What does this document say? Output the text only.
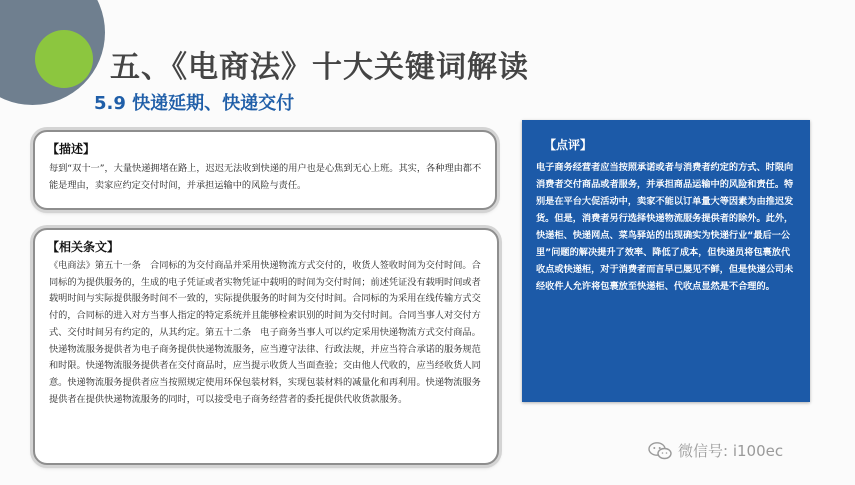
五、《电商法》十大关键词解读
5.9 快递延期、快递交付
【描述】
每到“双十一”，大量快递拥堵在路上，迟迟无法收到快递的用户也是心焦到无心上班。其实，各种理由都不能是理由，卖家应约定交付时间，并承担运输中的风险与责任。
【相关条文】
《电商法》第五十一条　合同标的为交付商品并采用快递物流方式交付的，收货人签收时间为交付时间。合同标的为提供服务的，生成的电子凭证或者实物凭证中载明的时间为交付时间；前述凭证没有载明时间或者载明时间与实际提供服务时间不一致的，实际提供服务的时间为交付时间。合同标的为采用在线传输方式交付的，合同标的进入对方当事人指定的特定系统并且能够检索识别的时间为交付时间。合同当事人对交付方式、交付时间另有约定的，从其约定。第五十二条　电子商务当事人可以约定采用快递物流方式交付商品。快递物流服务提供者为电子商务提供快递物流服务，应当遵守法律、行政法规，并应当符合承诺的服务规范和时限。快递物流服务提供者在交付商品时，应当提示收货人当面查验；交由他人代收的，应当经收货人同意。快递物流服务提供者应当按照规定使用环保包装材料，实现包装材料的减量化和再利用。快递物流服务提供者在提供快递物流服务的同时，可以接受电子商务经营者的委托提供代收货款服务。
【点评】
电子商务经营者应当按照承诺或者与消费者约定的方式、时限向消费者交付商品或者服务，并承担商品运输中的风险和责任。特别是在平台大促活动中，卖家不能以订单量大等因素为由推迟发货。但是，消费者另行选择快递物流服务提供者的除外。此外，快递柜、快递网点、菜鸟驿站的出现确实为快递行业“最后一公里”问题的解决提升了效率、降低了成本，但快递员将包裹放代收点或快递柜，对于消费者而言早已屡见不鲜，但是快递公司未经收件人允许将包裹放至快递柜、代收点显然是不合理的。
微信号: i100ec
